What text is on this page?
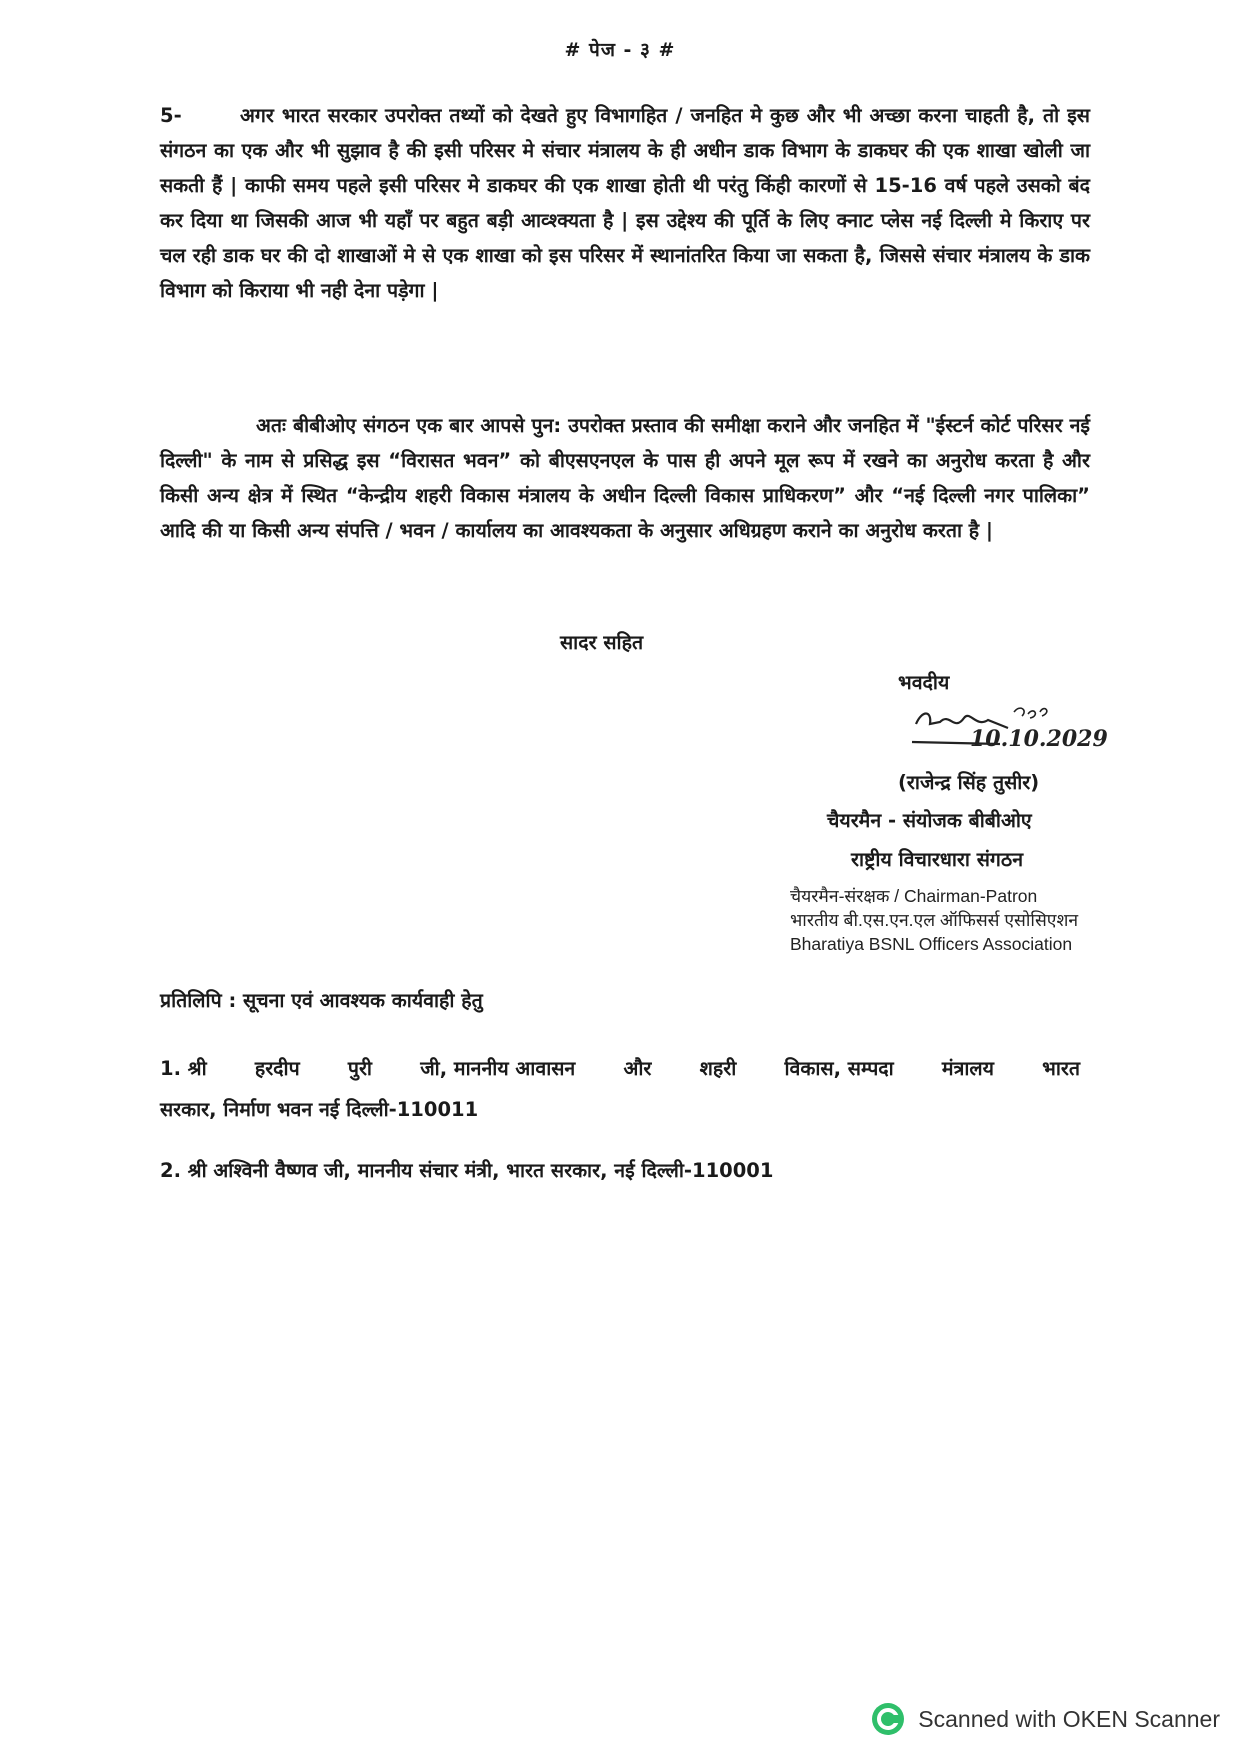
# पेज - ३ #
5-	अगर भारत सरकार उपरोक्त तथ्यों को देखते हुए विभागहित / जनहित मे कुछ और भी अच्छा करना चाहती है, तो इस संगठन का एक और भी सुझाव है की इसी परिसर मे संचार मंत्रालय के ही अधीन डाक विभाग के डाकघर की एक शाखा खोली जा सकती हैं | काफी समय पहले इसी परिसर मे डाकघर की एक शाखा होती थी परंतु किंही कारणों से 15-16 वर्ष पहले उसको बंद कर दिया था जिसकी आज भी यहाँ पर बहुत बड़ी आव्श्क्यता है | इस उद्देश्य की पूर्ति के लिए क्नाट प्लेस नई दिल्ली मे किराए पर चल रही डाक घर की दो शाखाओं मे से एक शाखा को इस परिसर में स्थानांतरित किया जा सकता है, जिससे संचार मंत्रालय के डाक विभाग को किराया भी नही देना पड़ेगा |
अतः बीबीओए संगठन एक बार आपसे पुन: उपरोक्त प्रस्ताव की समीक्षा कराने और जनहित में "ईस्टर्न कोर्ट परिसर नई दिल्ली" के नाम से प्रसिद्ध इस “विरासत भवन” को बीएसएनएल के पास ही अपने मूल रूप में रखने का अनुरोध करता है और किसी अन्य क्षेत्र में स्थित “केन्द्रीय शहरी विकास मंत्रालय के अधीन दिल्ली विकास प्राधिकरण” और “नई दिल्ली नगर पालिका” आदि की या किसी अन्य संपत्ति / भवन / कार्यालय का आवश्यकता के अनुसार अधिग्रहण कराने का अनुरोध करता है |
सादर सहित
भवदीय
10.10.2029
(राजेन्द्र सिंह तुसीर)
चैयरमैन - संयोजक बीबीओए
राष्ट्रीय विचारधारा संगठन
चैयरमैन-संरक्षक / Chairman-Patron
भारतीय बी.एस.एन.एल ऑफिसर्स एसोसिएशन
Bharatiya BSNL Officers Association
प्रतिलिपि : सूचना एवं आवश्यक कार्यवाही हेतु
1. श्री हरदीप पुरी जी, माननीय आवासन और शहरी विकास, सम्पदा मंत्रालय भारत
सरकार, निर्माण भवन नई दिल्ली-110011
2. श्री अश्विनी वैष्णव जी, माननीय संचार मंत्री, भारत सरकार, नई दिल्ली-110001
Scanned with OKEN Scanner
